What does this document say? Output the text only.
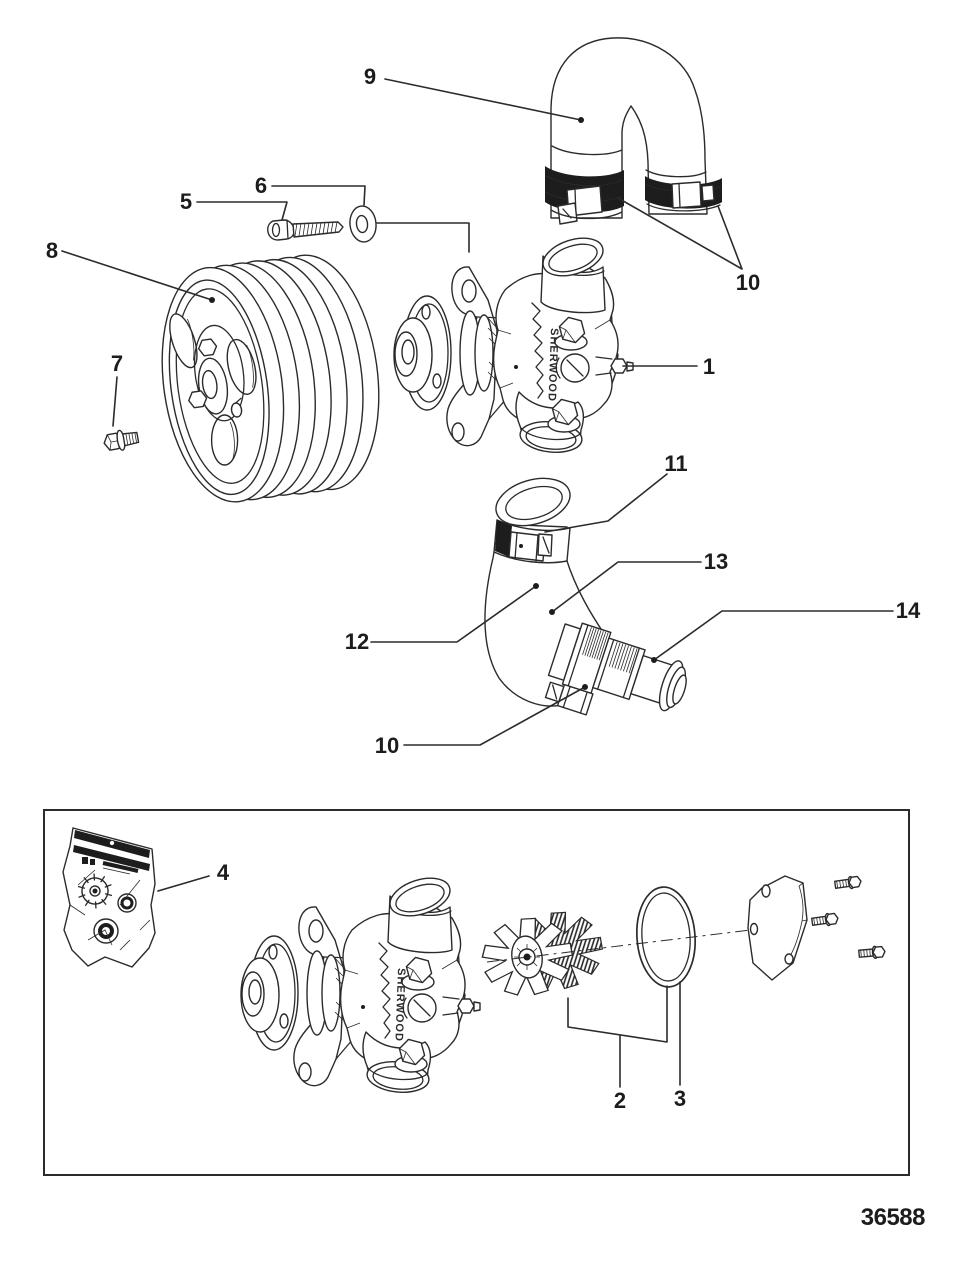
9
10
5
6
8
7	1
11
12
13
14
10
4
2 3
36588
